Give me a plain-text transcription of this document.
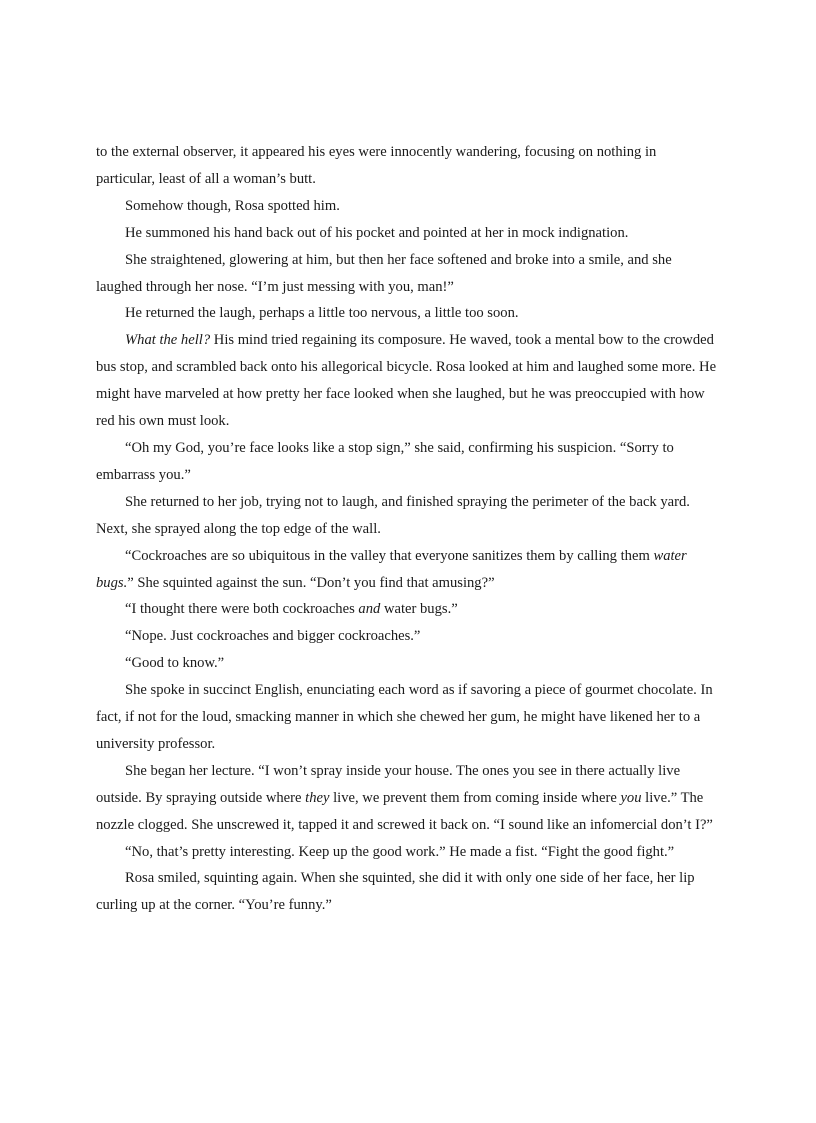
to the external observer, it appeared his eyes were innocently wandering, focusing on nothing in particular, least of all a woman’s butt.

Somehow though, Rosa spotted him.

He summoned his hand back out of his pocket and pointed at her in mock indignation.

She straightened, glowering at him, but then her face softened and broke into a smile, and she laughed through her nose. “I’m just messing with you, man!”

He returned the laugh, perhaps a little too nervous, a little too soon.

What the hell? His mind tried regaining its composure. He waved, took a mental bow to the crowded bus stop, and scrambled back onto his allegorical bicycle. Rosa looked at him and laughed some more. He might have marveled at how pretty her face looked when she laughed, but he was preoccupied with how red his own must look.

“Oh my God, you’re face looks like a stop sign,” she said, confirming his suspicion. “Sorry to embarrass you.”

She returned to her job, trying not to laugh, and finished spraying the perimeter of the back yard. Next, she sprayed along the top edge of the wall.

“Cockroaches are so ubiquitous in the valley that everyone sanitizes them by calling them water bugs.” She squinted against the sun. “Don’t you find that amusing?”

“I thought there were both cockroaches and water bugs.”

“Nope. Just cockroaches and bigger cockroaches.”

“Good to know.”

She spoke in succinct English, enunciating each word as if savoring a piece of gourmet chocolate. In fact, if not for the loud, smacking manner in which she chewed her gum, he might have likened her to a university professor.

She began her lecture. “I won’t spray inside your house. The ones you see in there actually live outside. By spraying outside where they live, we prevent them from coming inside where you live.” The nozzle clogged. She unscrewed it, tapped it and screwed it back on. “I sound like an infomercial don’t I?”

“No, that’s pretty interesting. Keep up the good work.” He made a fist. “Fight the good fight.”

Rosa smiled, squinting again. When she squinted, she did it with only one side of her face, her lip curling up at the corner. “You’re funny.”
